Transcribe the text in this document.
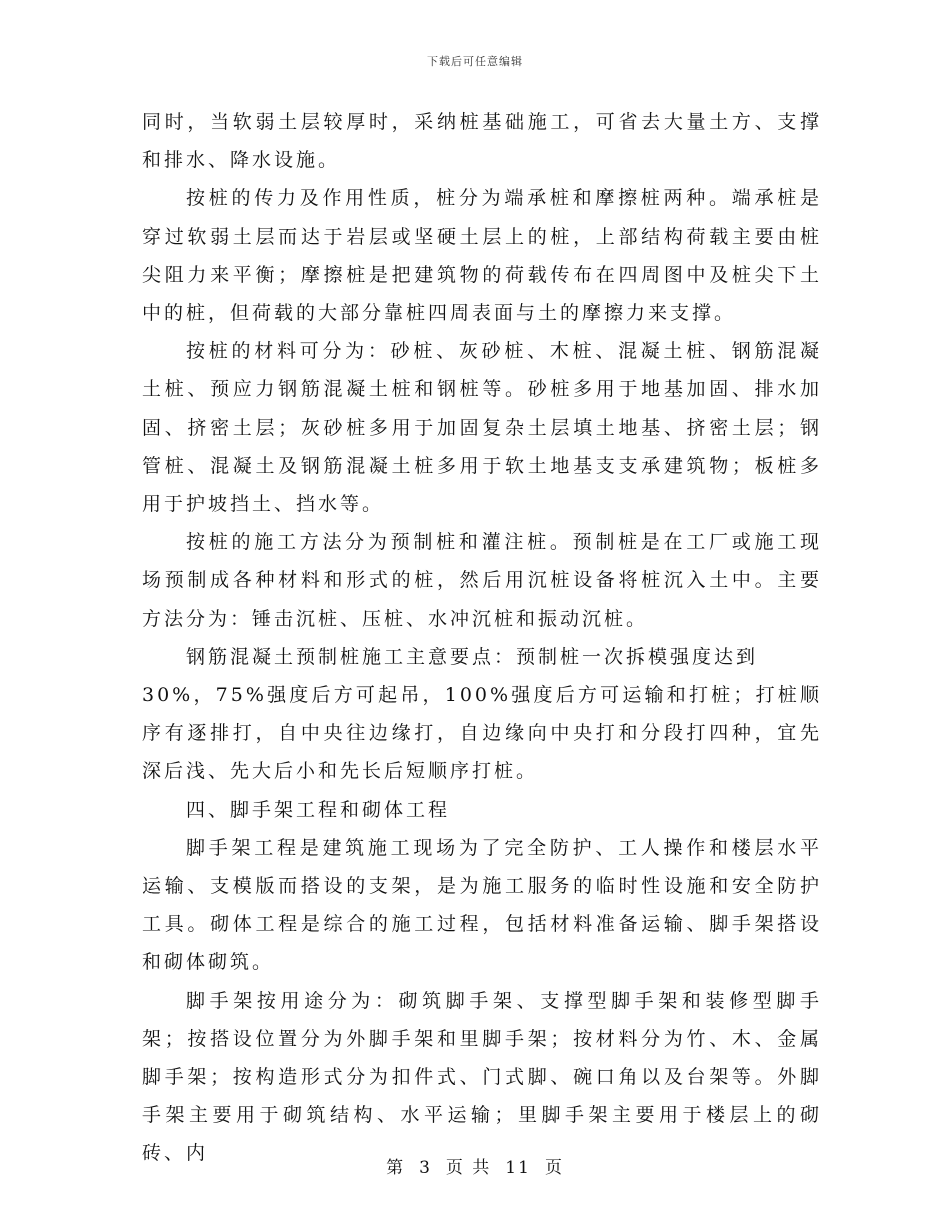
下载后可任意编辑

同时，当软弱土层较厚时，采纳桩基础施工，可省去大量土方、支撑和排水、降水设施。

按桩的传力及作用性质，桩分为端承桩和摩擦桩两种。端承桩是穿过软弱土层而达于岩层或坚硬土层上的桩，上部结构荷载主要由桩尖阻力来平衡；摩擦桩是把建筑物的荷载传布在四周图中及桩尖下土中的桩，但荷载的大部分靠桩四周表面与土的摩擦力来支撑。

按桩的材料可分为：砂桩、灰砂桩、木桩、混凝土桩、钢筋混凝土桩、预应力钢筋混凝土桩和钢桩等。砂桩多用于地基加固、排水加固、挤密土层；灰砂桩多用于加固复杂土层填土地基、挤密土层；钢管桩、混凝土及钢筋混凝土桩多用于软土地基支支承建筑物；板桩多用于护坡挡土、挡水等。

按桩的施工方法分为预制桩和灌注桩。预制桩是在工厂或施工现场预制成各种材料和形式的桩，然后用沉桩设备将桩沉入土中。主要方法分为：锤击沉桩、压桩、水冲沉桩和振动沉桩。

钢筋混凝土预制桩施工主意要点：预制桩一次拆模强度达到

30%，75%强度后方可起吊，100%强度后方可运输和打桩；打桩顺序有逐排打，自中央往边缘打，自边缘向中央打和分段打四种，宜先深后浅、先大后小和先长后短顺序打桩。

四、脚手架工程和砌体工程

脚手架工程是建筑施工现场为了完全防护、工人操作和楼层水平运输、支模版而搭设的支架，是为施工服务的临时性设施和安全防护工具。砌体工程是综合的施工过程，包括材料准备运输、脚手架搭设和砌体砌筑。

脚手架按用途分为：砌筑脚手架、支撑型脚手架和装修型脚手架；按搭设位置分为外脚手架和里脚手架；按材料分为竹、木、金属脚手架；按构造形式分为扣件式、门式脚、碗口角以及台架等。外脚手架主要用于砌筑结构、水平运输；里脚手架主要用于楼层上的砌砖、内

第 3 页 共 11 页
